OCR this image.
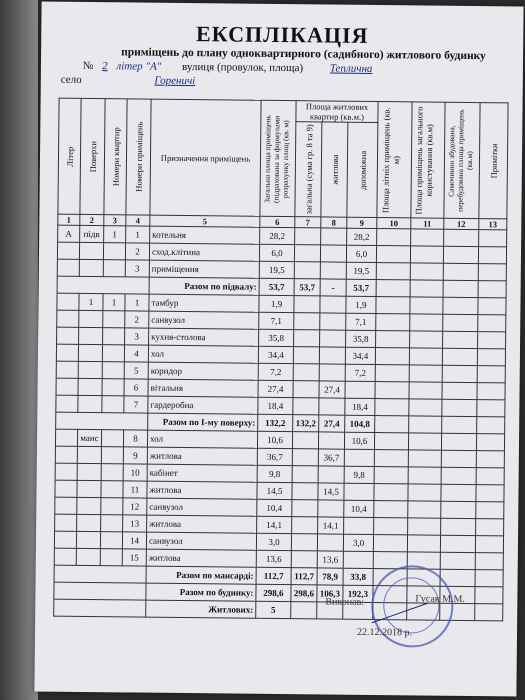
ЕКСПЛІКАЦІЯ
приміщень до плану одноквартирного (садибного) житлового будинку
№ 2 літер "А" вулиця (провулок, площа) Теплична
село	Гореничі
Літер	Поверхи	Номери квартир	Номери приміщень	Призначення приміщень	Загальна площа приміщень (підрахована за формулами розрахунку площ (кв. м)	Площа житлових квартир (кв.м.)			Площа літніх приміщень (кв. м)	Площа приміщень загального користування (кв.м)	Самочинно збудована, перебудована площа приміщень (кв.м)	Примітки

						загальна (сума гр. 8 та 9)	житлова	допоміжна				

1	2	3	4	5	6	7	8	9	10	11	12	13
А	підв	1	1	котельня	28,2			28,2				
			2	сход.клітина	6,0			6,0				
			3	приміщення	19,5			19,5				
				Разом по підвалу:	53,7	53,7	-	53,7				
	1	1	1	тамбур	1,9			1,9				
			2	санвузол	7,1			7,1				
			3	кухня-столова	35,8			35,8				
			4	хол	34,4			34,4				
			5	коридор	7,2			7,2				
			6	вітальня	27,4		27,4					
			7	гардеробна	18,4			18,4				
				Разом по І-му поверху:	132,2	132,2	27,4	104,8				
	манс		8	хол	10,6			10,6				
			9	житлова	36,7		36,7					
			10	кабінет	9,8			9,8				
			11	житлова	14,5		14,5					
			12	санвузол	10,4			10,4				
			13	житлова	14,1		14,1					
			14	санвузол	3,0			3,0				
			15	житлова	13,6		13,6					
				Разом по мансарді:	112,7	112,7	78,9	33,8				
				Разом по будинку:	298,6	298,6	106,3	192,3				
				Житлових:	5							
Виконав:	Гусак М.М.
22.12.2018 р.
